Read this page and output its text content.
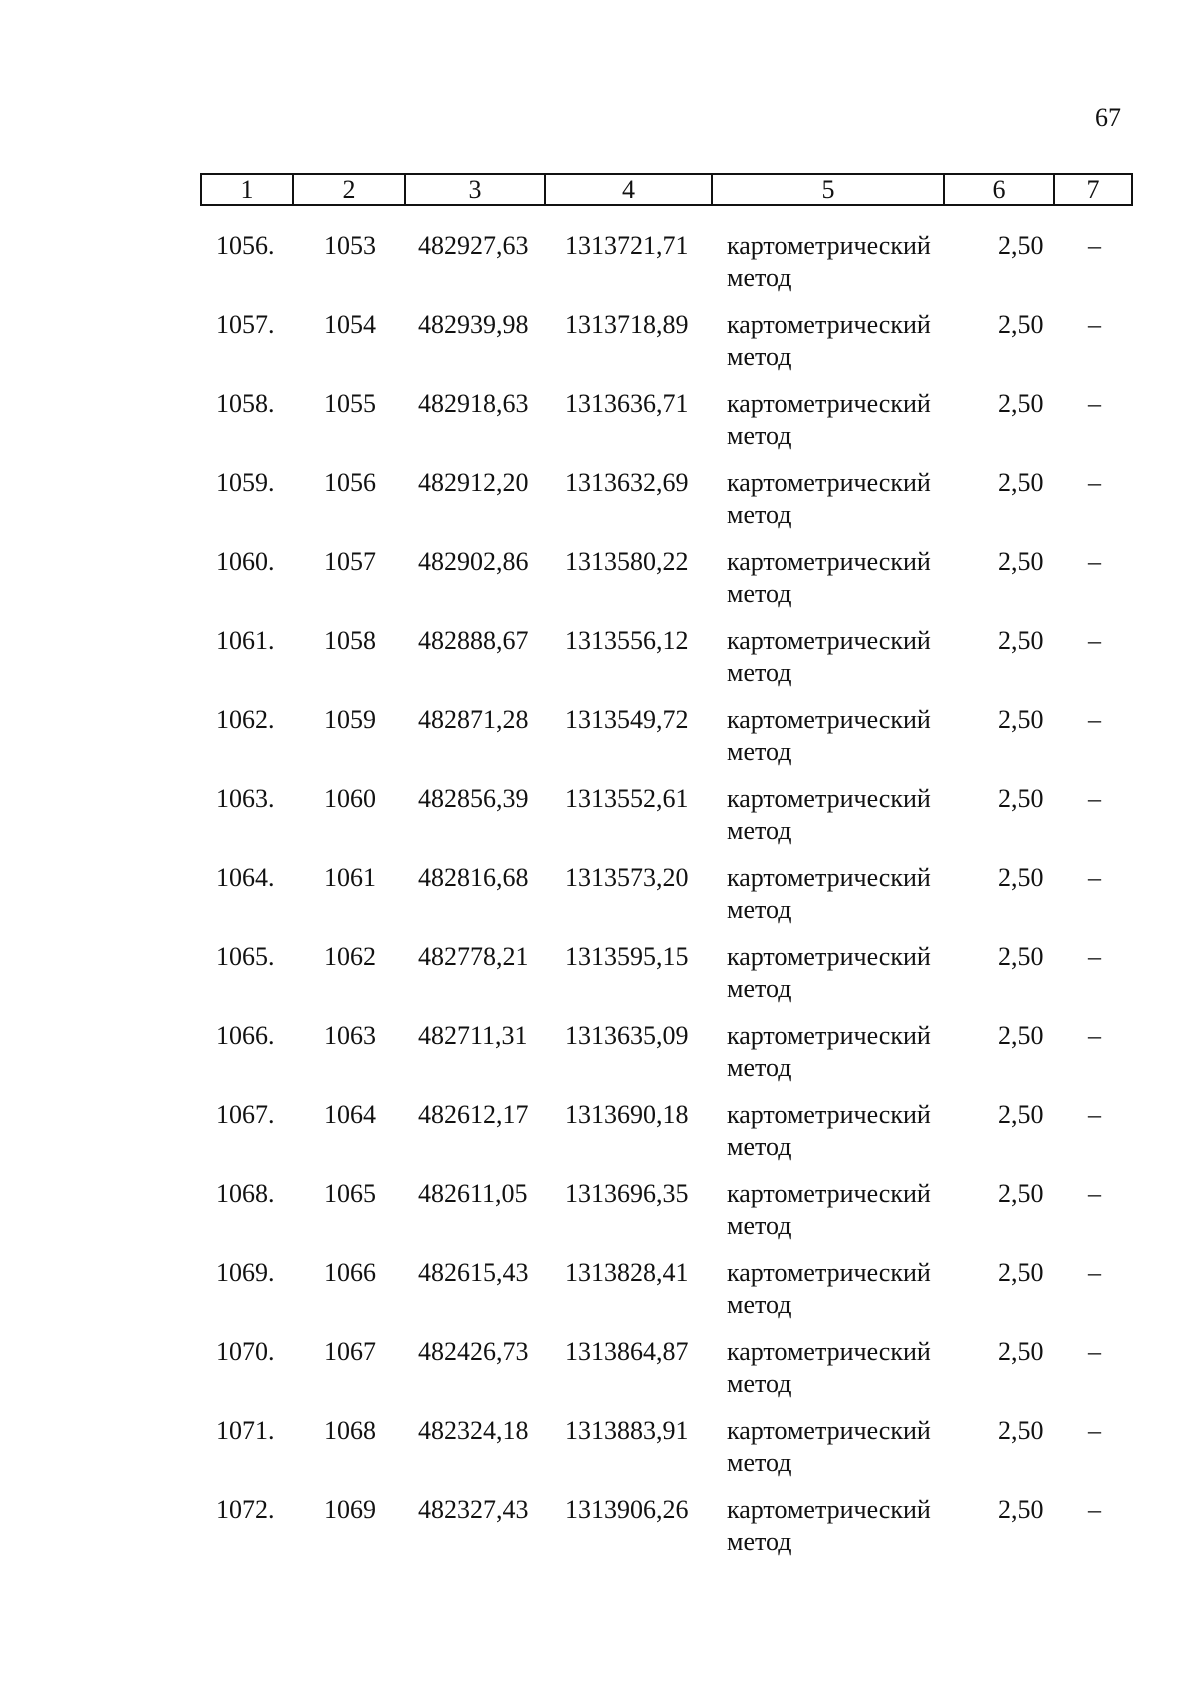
67
1	2	3	4	5	6	7
1056. 1053 482927,63 1313721,71 картометрический
метод
2,50 –
1057. 1054 482939,98 1313718,89 картометрический
метод
2,50 –
1058. 1055 482918,63 1313636,71 картометрический
метод
2,50 –
1059. 1056 482912,20 1313632,69 картометрический
метод
2,50 –
1060. 1057 482902,86 1313580,22 картометрический
метод
2,50 –
1061. 1058 482888,67 1313556,12 картометрический
метод
2,50 –
1062. 1059 482871,28 1313549,72 картометрический
метод
2,50 –
1063. 1060 482856,39 1313552,61 картометрический
метод
2,50 –
1064. 1061 482816,68 1313573,20 картометрический
метод
2,50 –
1065. 1062 482778,21 1313595,15 картометрический
метод
2,50 –
1066. 1063 482711,31 1313635,09 картометрический
метод
2,50 –
1067. 1064 482612,17 1313690,18 картометрический
метод
2,50 –
1068. 1065 482611,05 1313696,35 картометрический
метод
2,50 –
1069. 1066 482615,43 1313828,41 картометрический
метод
2,50 –
1070. 1067 482426,73 1313864,87 картометрический
метод
2,50 –
1071. 1068 482324,18 1313883,91 картометрический
метод
2,50 –
1072. 1069 482327,43 1313906,26 картометрический
метод
2,50 –
